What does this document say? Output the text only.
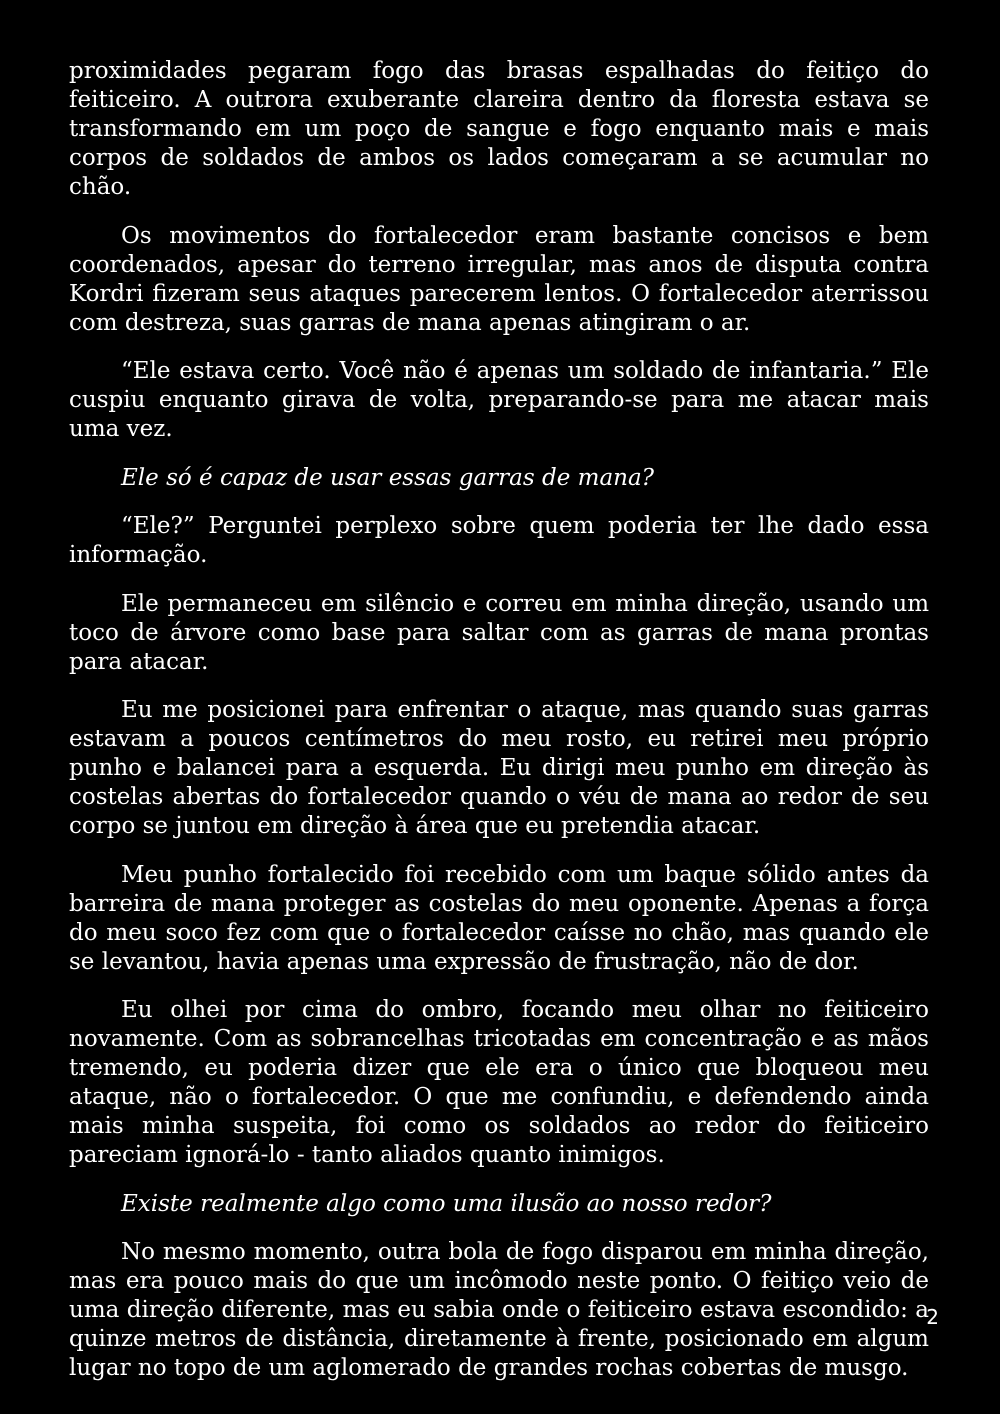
proximidades pegaram fogo das brasas espalhadas do feitiço do feiticeiro. A outrora exuberante clareira dentro da floresta estava se transformando em um poço de sangue e fogo enquanto mais e mais corpos de soldados de ambos os lados começaram a se acumular no chão.

Os movimentos do fortalecedor eram bastante concisos e bem coordenados, apesar do terreno irregular, mas anos de disputa contra Kordri fizeram seus ataques parecerem lentos. O fortalecedor aterrissou com destreza, suas garras de mana apenas atingiram o ar.

“Ele estava certo. Você não é apenas um soldado de infantaria.” Ele cuspiu enquanto girava de volta, preparando-se para me atacar mais uma vez.

Ele só é capaz de usar essas garras de mana?

“Ele?” Perguntei perplexo sobre quem poderia ter lhe dado essa informação.

Ele permaneceu em silêncio e correu em minha direção, usando um toco de árvore como base para saltar com as garras de mana prontas para atacar.

Eu me posicionei para enfrentar o ataque, mas quando suas garras estavam a poucos centímetros do meu rosto, eu retirei meu próprio punho e balancei para a esquerda. Eu dirigi meu punho em direção às costelas abertas do fortalecedor quando o véu de mana ao redor de seu corpo se juntou em direção à área que eu pretendia atacar.

Meu punho fortalecido foi recebido com um baque sólido antes da barreira de mana proteger as costelas do meu oponente. Apenas a força do meu soco fez com que o fortalecedor caísse no chão, mas quando ele se levantou, havia apenas uma expressão de frustração, não de dor.

Eu olhei por cima do ombro, focando meu olhar no feiticeiro novamente. Com as sobrancelhas tricotadas em concentração e as mãos tremendo, eu poderia dizer que ele era o único que bloqueou meu ataque, não o fortalecedor. O que me confundiu, e defendendo ainda mais minha suspeita, foi como os soldados ao redor do feiticeiro pareciam ignorá-lo - tanto aliados quanto inimigos.

Existe realmente algo como uma ilusão ao nosso redor?

No mesmo momento, outra bola de fogo disparou em minha direção, mas era pouco mais do que um incômodo neste ponto. O feitiço veio de uma direção diferente, mas eu sabia onde o feiticeiro estava escondido: a quinze metros de distância, diretamente à frente, posicionado em algum lugar no topo de um aglomerado de grandes rochas cobertas de musgo.

2
